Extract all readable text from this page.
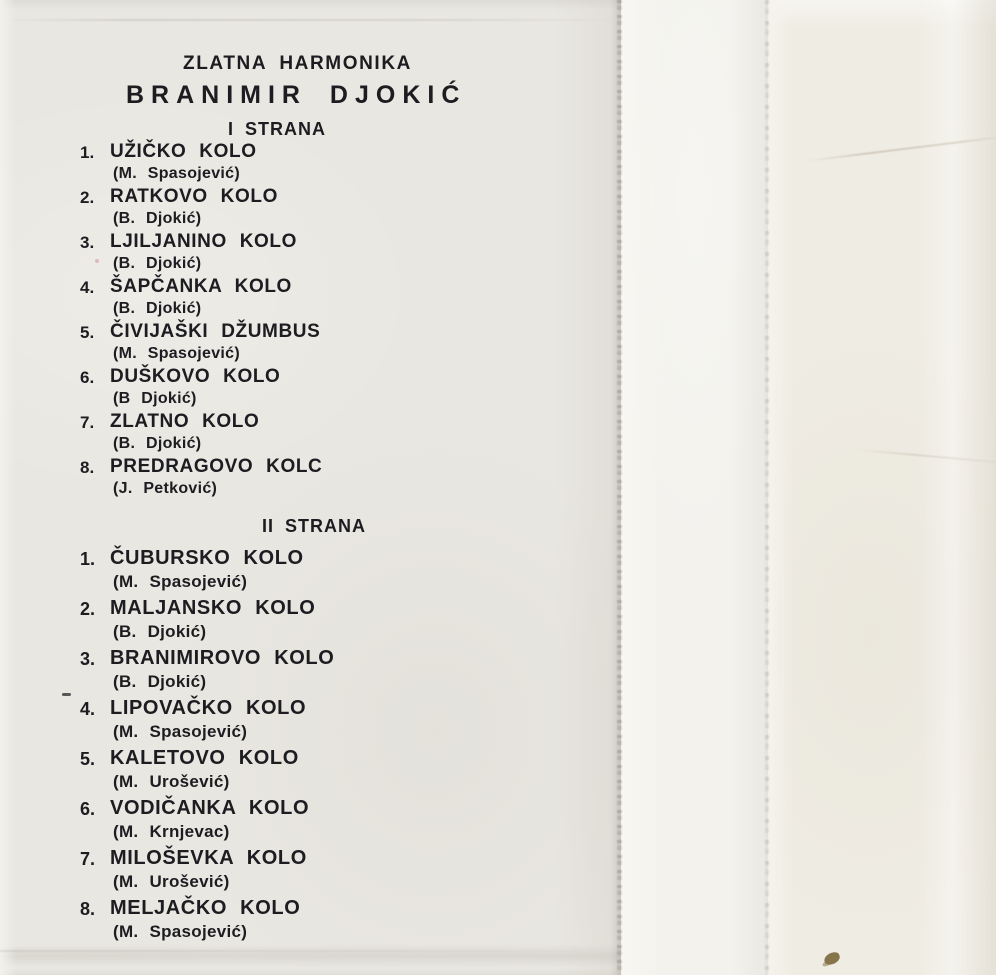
ZLATNA HARMONIKA
BRANIMIR DJOKIĆ
I STRANA
1. UŽIČKO KOLO
(M. Spasojević)
2. RATKOVO KOLO
(B. Djokić)
3. LJILJANINO KOLO
(B. Djokić)
4. ŠAPČANKA KOLO
(B. Djokić)
5. ČIVIJAŠKI DŽUMBUS
(M. Spasojević)
6. DUŠKOVO KOLO
(B Djokić)
7. ZLATNO KOLO
(B. Djokić)
8. PREDRAGOVO KOLC
(J. Petković)
II STRANA
1. ČUBURSKO KOLO
(M. Spasojević)
2. MALJANSKO KOLO
(B. Djokić)
3. BRANIMIROVO KOLO
(B. Djokić)
4. LIPOVAČKO KOLO
(M. Spasojević)
5. KALETOVO KOLO
(M. Urošević)
6. VODIČANKA KOLO
(M. Krnjevac)
7. MILOŠEVKA KOLO
(M. Urošević)
8. MELJAČKO KOLO
(M. Spasojević)
